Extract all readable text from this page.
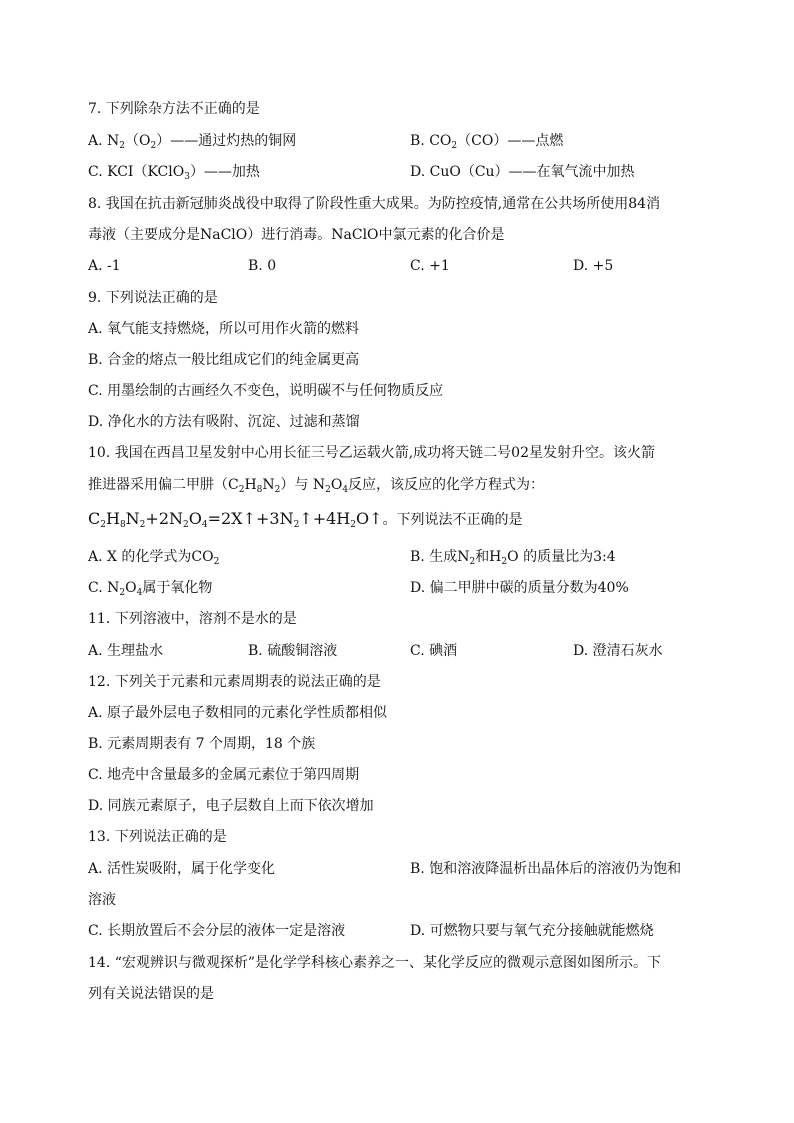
7. 下列除杂方法不正确的是
A. $N_2(O_2)——$通过灼热的铜网	B. $CO_2(CO)——$点燃
C. KCI（KClO$_3$）——加热	D. CuO（Cu）——在氧气流中加热
8. 我国在抗击新冠肺炎战役中取得了阶段性重大成果。为防控疫情,通常在公共场所使用84消
毒液（主要成分是NaClO）进行消毒。NaClO中氯元素的化合价是
A. -1	B. 0	C. +1	D. +5
9. 下列说法正确的是
A. 氧气能支持燃烧，所以可用作火箭的燃料
B. 合金的熔点一般比组成它们的纯金属更高
C. 用墨绘制的古画经久不变色，说明碳不与任何物质反应
D. 净化水的方法有吸附、沉淀、过滤和蒸馏
10. 我国在西昌卫星发射中心用长征三号乙运载火箭,成功将天链二号02星发射升空。该火箭
推进器采用偏二甲肼$(C_2H_8N_2)$与 $N_2O_4$反应，该反应的化学方程式为：
$C_2H_8N_2+2N_2O_4=2X↑+3N_2↑+4H_2O↑$。下列说法不正确的是
A. X 的化学式为$CO_2$	B. 生成$N_2$和$H_2O$ 的质量比为3:4
C. $N_2O_4$属于氧化物	D. 偏二甲肼中碳的质量分数为40%
11. 下列溶液中，溶剂不是水的是
A. 生理盐水	B. 硫酸铜溶液	C. 碘酒	D. 澄清石灰水
12. 下列关于元素和元素周期表的说法正确的是
A. 原子最外层电子数相同的元素化学性质都相似
B. 元素周期表有 7 个周期，18 个族
C. 地壳中含量最多的金属元素位于第四周期
D. 同族元素原子，电子层数自上而下依次增加
13. 下列说法正确的是
A. 活性炭吸附，属于化学变化	B. 饱和溶液降温析出晶体后的溶液仍为饱和
溶液
C. 长期放置后不会分层的液体一定是溶液	D. 可燃物只要与氧气充分接触就能燃烧
14. “宏观辨识与微观探析”是化学学科核心素养之一、某化学反应的微观示意图如图所示。下
列有关说法错误的是
